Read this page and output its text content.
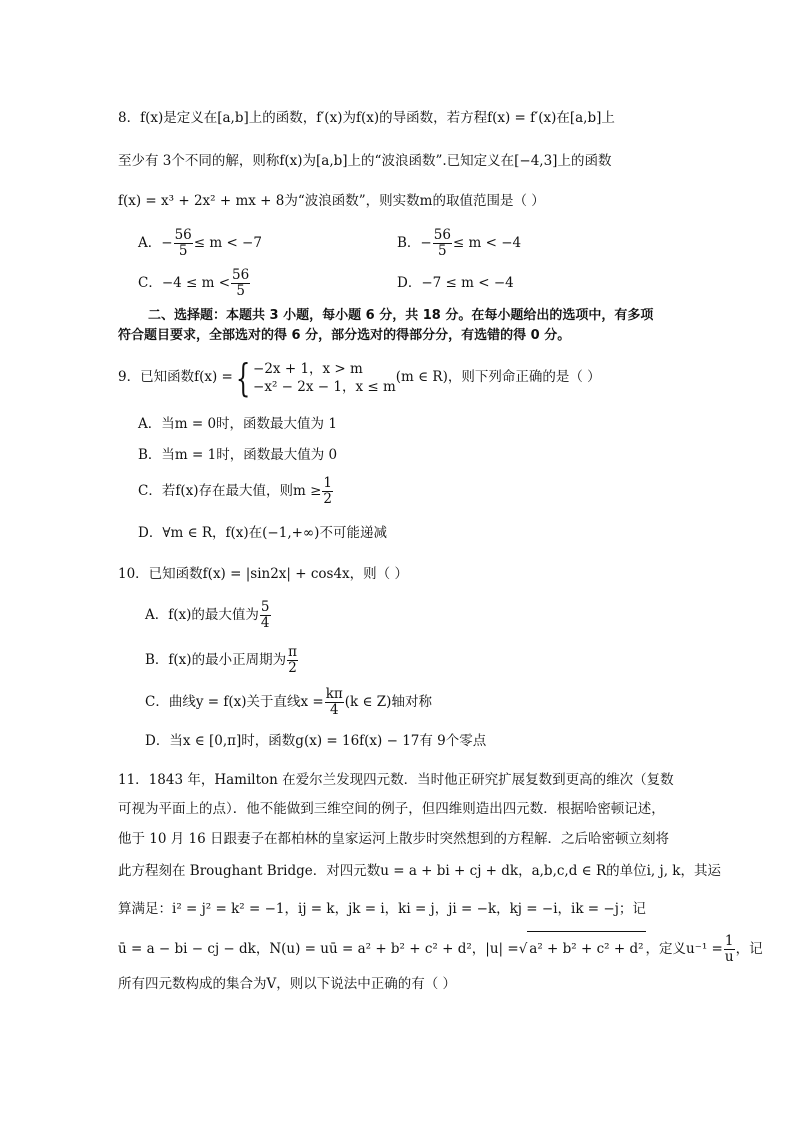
8．f(x)是定义在[a,b]上的函数，f′(x)为f(x)的导函数，若方程f(x) = f′(x)在[a,b]上
至少有 3个不同的解，则称f(x)为[a,b]上的“波浪函数”.已知定义在[−4,3]上的函数
f(x) = x³ + 2x² + mx + 8为“波浪函数”，则实数m的取值范围是（ ）
A．− $\frac{56}{5} \le m < -7$	B．− $\frac{56}{5} \le m < -4$
C．$-4 \le m < \frac{56}{5}$	D．−7 ≤ m < −4
二、选择题：本题共 3 小题，每小题 6 分，共 18 分。在每小题给出的选项中，有多项
符合题目要求，全部选对的得 6 分，部分选对的得部分分，有选错的得 0 分。
9．已知函数f(x) ={ −2x + 1，x > m
−x² − 2x − 1，x ≤ m
(m ∈ R)，则下列命正确的是（ ）
A．当m = 0时，函数最大值为 1
B．当m = 1时，函数最大值为 0
C．若f(x)存在最大值，则$m \ge \frac{1}{2}$
D．∀m ∈ R，f(x)在(−1,+∞)不可能递减
10．已知函数f(x) = |sin2x| + cos4x，则（ ）
A．f(x)的最大值为 $\frac{5}{4}$
B．f(x)的最小正周期为 $\frac{\pi}{2}$
C．曲线y = f(x)关于直线$x = \frac{k\pi}{4} (k$ ∈ Z)轴对称
D．当x ∈ [0,π]时，函数g(x) = 16f(x) − 17有 9个零点
11．1843 年，Hamilton 在爱尔兰发现四元数．当时他正研究扩展复数到更高的维次（复数
可视为平面上的点）．他不能做到三维空间的例子，但四维则造出四元数．根据哈密顿记述，
他于 10 月 16 日跟妻子在都柏林的皇家运河上散步时突然想到的方程解．之后哈密顿立刻将
此方程刻在 Broughant Bridge．对四元数u = a + bi + cj + dk，a,b,c,d ∈ R的单位i, j, k，其运
算满足：i² = j² = k² = −1，ij = k，jk = i，ki = j，ji = −k，kj = −i，ik = −j；记
ū = a − bi − cj − dk，N(u) = uū = a² + b² + c² + d²，|u| =√ a² + b² + c² + d² ，定义$u^{-1} = \frac{1}{u}$ ，记
所有四元数构成的集合为V，则以下说法中正确的有（ ）
